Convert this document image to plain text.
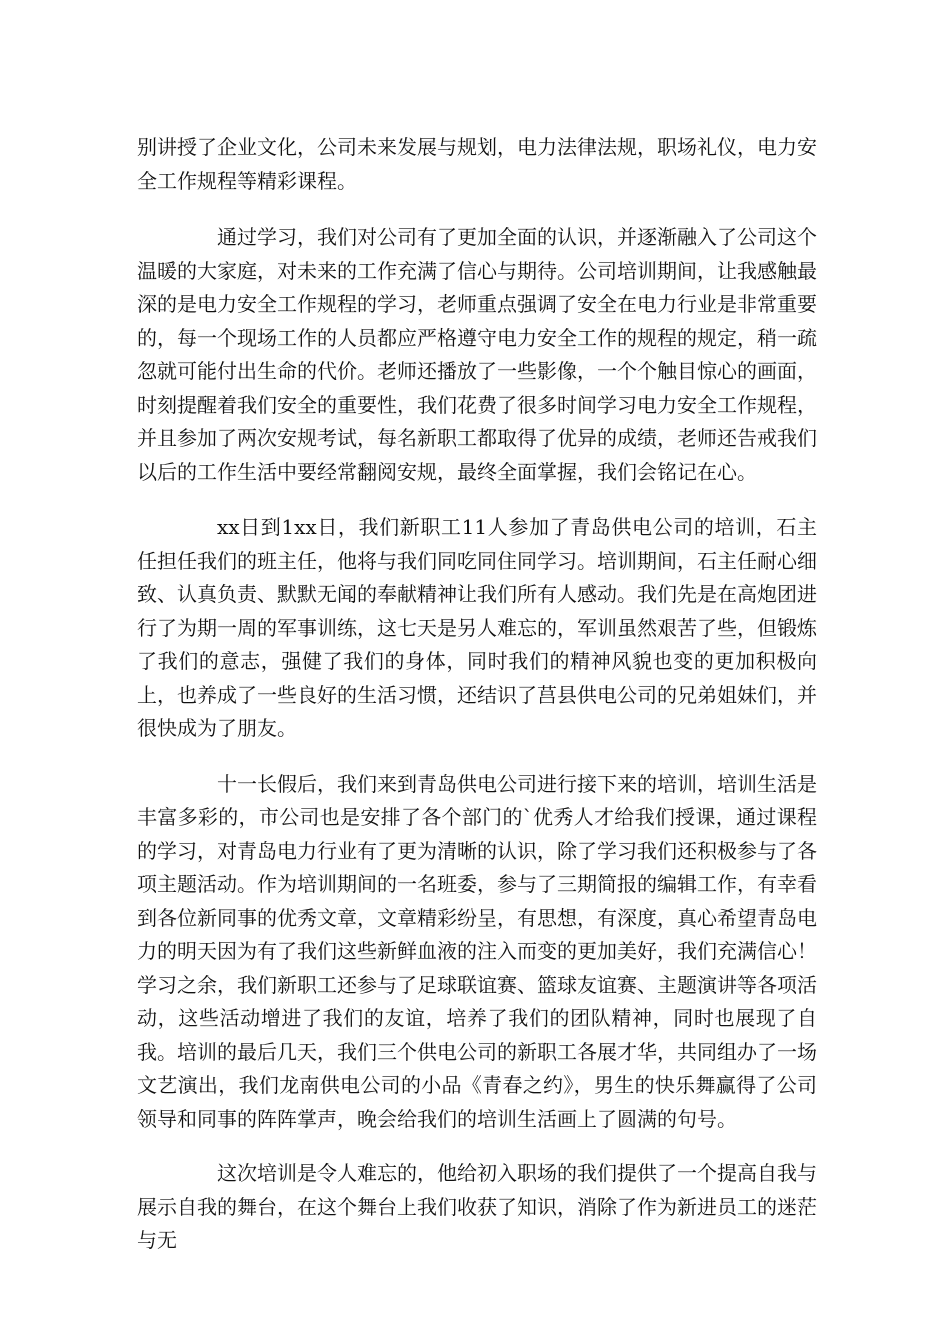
别讲授了企业文化，公司未来发展与规划，电力法律法规，职场礼仪，电力安全工作规程等精彩课程。

通过学习，我们对公司有了更加全面的认识，并逐渐融入了公司这个温暖的大家庭，对未来的工作充满了信心与期待。公司培训期间，让我感触最深的是电力安全工作规程的学习，老师重点强调了安全在电力行业是非常重要的，每一个现场工作的人员都应严格遵守电力安全工作的规程的规定，稍一疏忽就可能付出生命的代价。老师还播放了一些影像，一个个触目惊心的画面，时刻提醒着我们安全的重要性，我们花费了很多时间学习电力安全工作规程，并且参加了两次安规考试，每名新职工都取得了优异的成绩，老师还告戒我们以后的工作生活中要经常翻阅安规，最终全面掌握，我们会铭记在心。

xx日到1xx日，我们新职工11人参加了青岛供电公司的培训，石主任担任我们的班主任，他将与我们同吃同住同学习。培训期间，石主任耐心细致、认真负责、默默无闻的奉献精神让我们所有人感动。我们先是在高炮团进行了为期一周的军事训练，这七天是另人难忘的，军训虽然艰苦了些，但锻炼了我们的意志，强健了我们的身体，同时我们的精神风貌也变的更加积极向上，也养成了一些良好的生活习惯，还结识了莒县供电公司的兄弟姐妹们，并很快成为了朋友。

十一长假后，我们来到青岛供电公司进行接下来的培训，培训生活是丰富多彩的，市公司也是安排了各个部门的`优秀人才给我们授课，通过课程的学习，对青岛电力行业有了更为清晰的认识，除了学习我们还积极参与了各项主题活动。作为培训期间的一名班委，参与了三期简报的编辑工作，有幸看到各位新同事的优秀文章，文章精彩纷呈，有思想，有深度，真心希望青岛电力的明天因为有了我们这些新鲜血液的注入而变的更加美好，我们充满信心！学习之余，我们新职工还参与了足球联谊赛、篮球友谊赛、主题演讲等各项活动，这些活动增进了我们的友谊，培养了我们的团队精神，同时也展现了自我。培训的最后几天，我们三个供电公司的新职工各展才华，共同组办了一场文艺演出，我们龙南供电公司的小品《青春之约》，男生的快乐舞赢得了公司领导和同事的阵阵掌声，晚会给我们的培训生活画上了圆满的句号。

这次培训是令人难忘的，他给初入职场的我们提供了一个提高自我与展示自我的舞台，在这个舞台上我们收获了知识，消除了作为新进员工的迷茫与无
